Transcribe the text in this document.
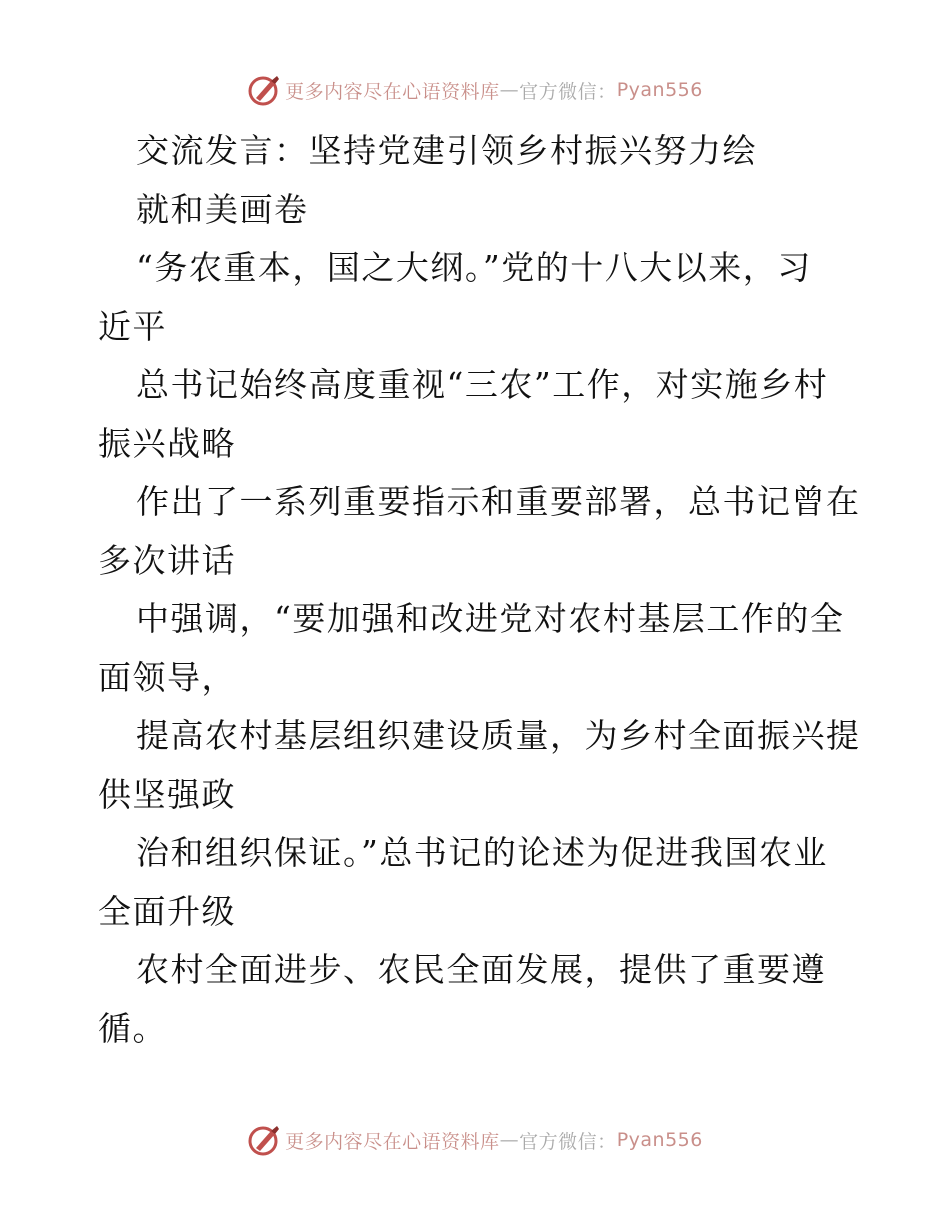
更多内容尽在心语资料库 — 官方微信： Pyan556
交流发言：坚持党建引领乡村振兴努力绘
就和美画卷
“务农重本，国之大纲。”党的十八大以来，习
近平
总书记始终高度重视“三农”工作，对实施乡村
振兴战略
作出了一系列重要指示和重要部署，总书记曾在
多次讲话
中强调，“要加强和改进党对农村基层工作的全
面领导，
提高农村基层组织建设质量，为乡村全面振兴提
供坚强政
治和组织保证。”总书记的论述为促进我国农业
全面升级
农村全面进步、农民全面发展，提供了重要遵
循。
更多内容尽在心语资料库 — 官方微信： Pyan556
